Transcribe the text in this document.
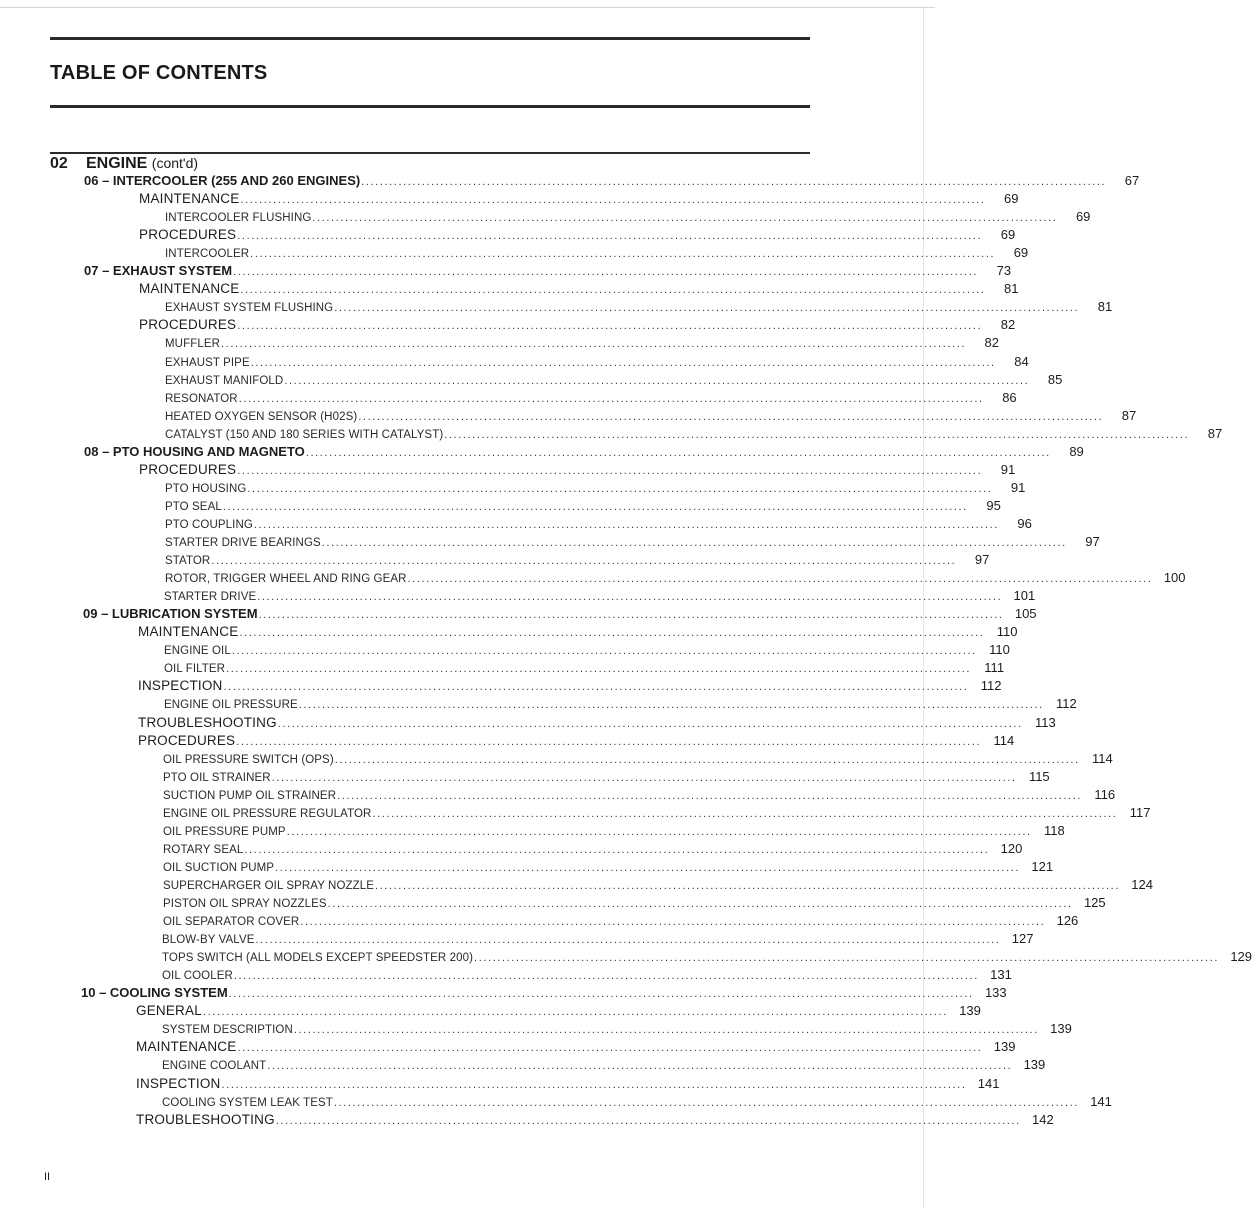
TABLE OF CONTENTS
02 ENGINE (cont'd)
06 – INTERCOOLER (255 AND 260 ENGINES) ................................................................................................................................................................	67
MAINTENANCE ................................................................................................................................................................	69
INTERCOOLER FLUSHING ................................................................................................................................................................	69
PROCEDURES ................................................................................................................................................................	69
INTERCOOLER ................................................................................................................................................................	69
07 – EXHAUST SYSTEM ................................................................................................................................................................	73
MAINTENANCE ................................................................................................................................................................	81
EXHAUST SYSTEM FLUSHING ................................................................................................................................................................	81
PROCEDURES ................................................................................................................................................................	82
MUFFLER ................................................................................................................................................................	82
EXHAUST PIPE ................................................................................................................................................................	84
EXHAUST MANIFOLD ................................................................................................................................................................	85
RESONATOR ................................................................................................................................................................	86
HEATED OXYGEN SENSOR (H02S) ................................................................................................................................................................	87
CATALYST (150 AND 180 SERIES WITH CATALYST) ................................................................................................................................................................	87
08 – PTO HOUSING AND MAGNETO ................................................................................................................................................................	89
PROCEDURES ................................................................................................................................................................	91
PTO HOUSING ................................................................................................................................................................	91
PTO SEAL ................................................................................................................................................................	95
PTO COUPLING ................................................................................................................................................................	96
STARTER DRIVE BEARINGS ................................................................................................................................................................	97
STATOR ................................................................................................................................................................	97
ROTOR, TRIGGER WHEEL AND RING GEAR ................................................................................................................................................................ 100
STARTER DRIVE ................................................................................................................................................................ 101
09 – LUBRICATION SYSTEM ................................................................................................................................................................ 105
MAINTENANCE ................................................................................................................................................................ 110
ENGINE OIL ................................................................................................................................................................ 110
OIL FILTER ................................................................................................................................................................	111
INSPECTION ................................................................................................................................................................ 112
ENGINE OIL PRESSURE ................................................................................................................................................................ 112
TROUBLESHOOTING ................................................................................................................................................................ 113
PROCEDURES ................................................................................................................................................................ 114
OIL PRESSURE SWITCH (OPS) ................................................................................................................................................................ 114
PTO OIL STRAINER ................................................................................................................................................................ 115
SUCTION PUMP OIL STRAINER ................................................................................................................................................................ 116
ENGINE OIL PRESSURE REGULATOR ................................................................................................................................................................ 117
OIL PRESSURE PUMP ................................................................................................................................................................ 118
ROTARY SEAL ................................................................................................................................................................ 120
OIL SUCTION PUMP ................................................................................................................................................................ 121
SUPERCHARGER OIL SPRAY NOZZLE ................................................................................................................................................................ 124
PISTON OIL SPRAY NOZZLES ................................................................................................................................................................ 125
OIL SEPARATOR COVER ................................................................................................................................................................ 126
BLOW-BY VALVE ................................................................................................................................................................ 127
TOPS SWITCH (ALL MODELS EXCEPT SPEEDSTER 200) ................................................................................................................................................................ 129
OIL COOLER ................................................................................................................................................................ 131
10 – COOLING SYSTEM ................................................................................................................................................................ 133
GENERAL ................................................................................................................................................................ 139
SYSTEM DESCRIPTION ................................................................................................................................................................ 139
MAINTENANCE ................................................................................................................................................................ 139
ENGINE COOLANT ................................................................................................................................................................ 139
INSPECTION ................................................................................................................................................................ 141
COOLING SYSTEM LEAK TEST ................................................................................................................................................................ 141
TROUBLESHOOTING ................................................................................................................................................................ 142
II
